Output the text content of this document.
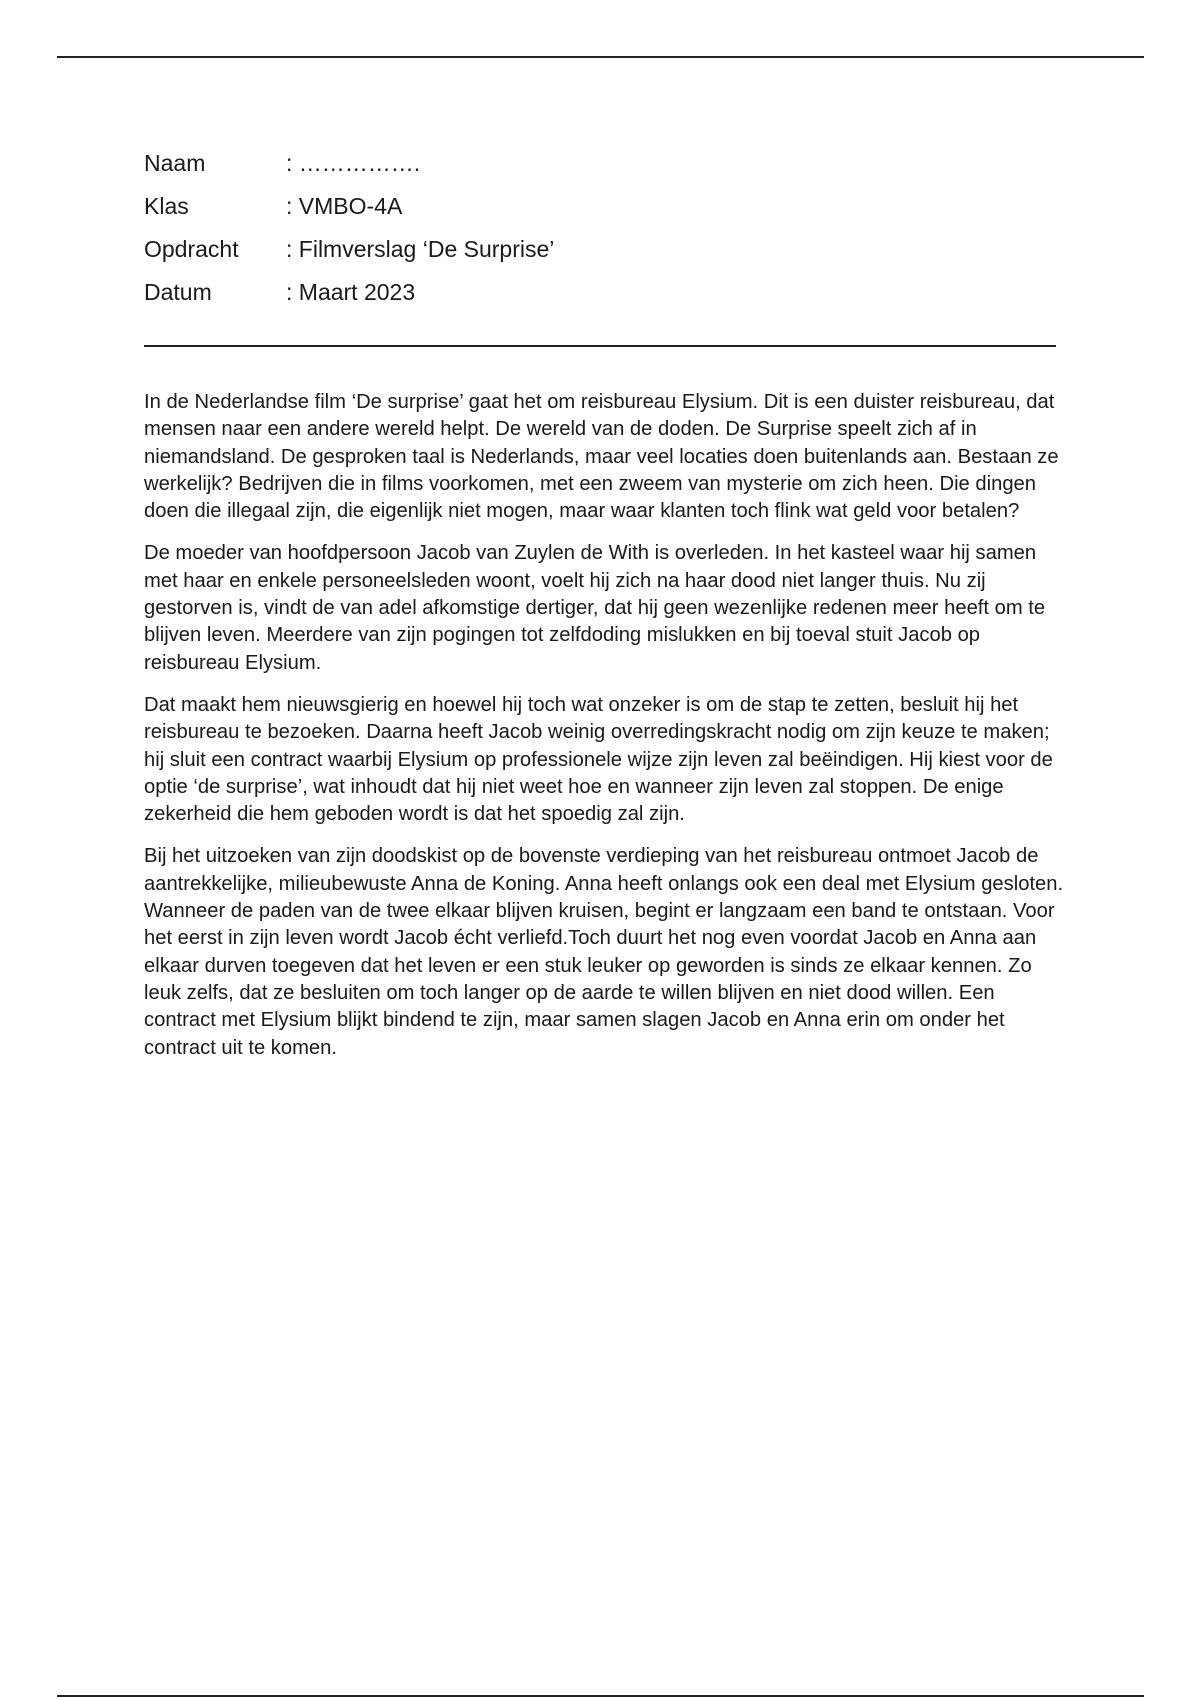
Naam	: …………….
Klas	: VMBO-4A
Opdracht	: Filmverslag ‘De Surprise’
Datum	: Maart 2023

In de Nederlandse film ‘De surprise’ gaat het om reisbureau Elysium. Dit is een duister reisbureau, dat mensen naar een andere wereld helpt. De wereld van de doden. De Surprise speelt zich af in niemandsland. De gesproken taal is Nederlands, maar veel locaties doen buitenlands aan. Bestaan ze werkelijk? Bedrijven die in films voorkomen, met een zweem van mysterie om zich heen. Die dingen doen die illegaal zijn, die eigenlijk niet mogen, maar waar klanten toch flink wat geld voor betalen?

De moeder van hoofdpersoon Jacob van Zuylen de With is overleden. In het kasteel waar hij samen met haar en enkele personeelsleden woont, voelt hij zich na haar dood niet langer thuis. Nu zij gestorven is, vindt de van adel afkomstige dertiger, dat hij geen wezenlijke redenen meer heeft om te blijven leven. Meerdere van zijn pogingen tot zelfdoding mislukken en bij toeval stuit Jacob op reisbureau Elysium.

Dat maakt hem nieuwsgierig en hoewel hij toch wat onzeker is om de stap te zetten, besluit hij het reisbureau te bezoeken. Daarna heeft Jacob weinig overredingskracht nodig om zijn keuze te maken; hij sluit een contract waarbij Elysium op professionele wijze zijn leven zal beëindigen. Hij kiest voor de optie ‘de surprise’, wat inhoudt dat hij niet weet hoe en wanneer zijn leven zal stoppen. De enige zekerheid die hem geboden wordt is dat het spoedig zal zijn.

Bij het uitzoeken van zijn doodskist op de bovenste verdieping van het reisbureau ontmoet Jacob de aantrekkelijke, milieubewuste Anna de Koning. Anna heeft onlangs ook een deal met Elysium gesloten. Wanneer de paden van de twee elkaar blijven kruisen, begint er langzaam een band te ontstaan. Voor het eerst in zijn leven wordt Jacob écht verliefd.Toch duurt het nog even voordat Jacob en Anna aan elkaar durven toegeven dat het leven er een stuk leuker op geworden is sinds ze elkaar kennen. Zo leuk zelfs, dat ze besluiten om toch langer op de aarde te willen blijven en niet dood willen. Een contract met Elysium blijkt bindend te zijn, maar samen slagen Jacob en Anna erin om onder het contract uit te komen.
